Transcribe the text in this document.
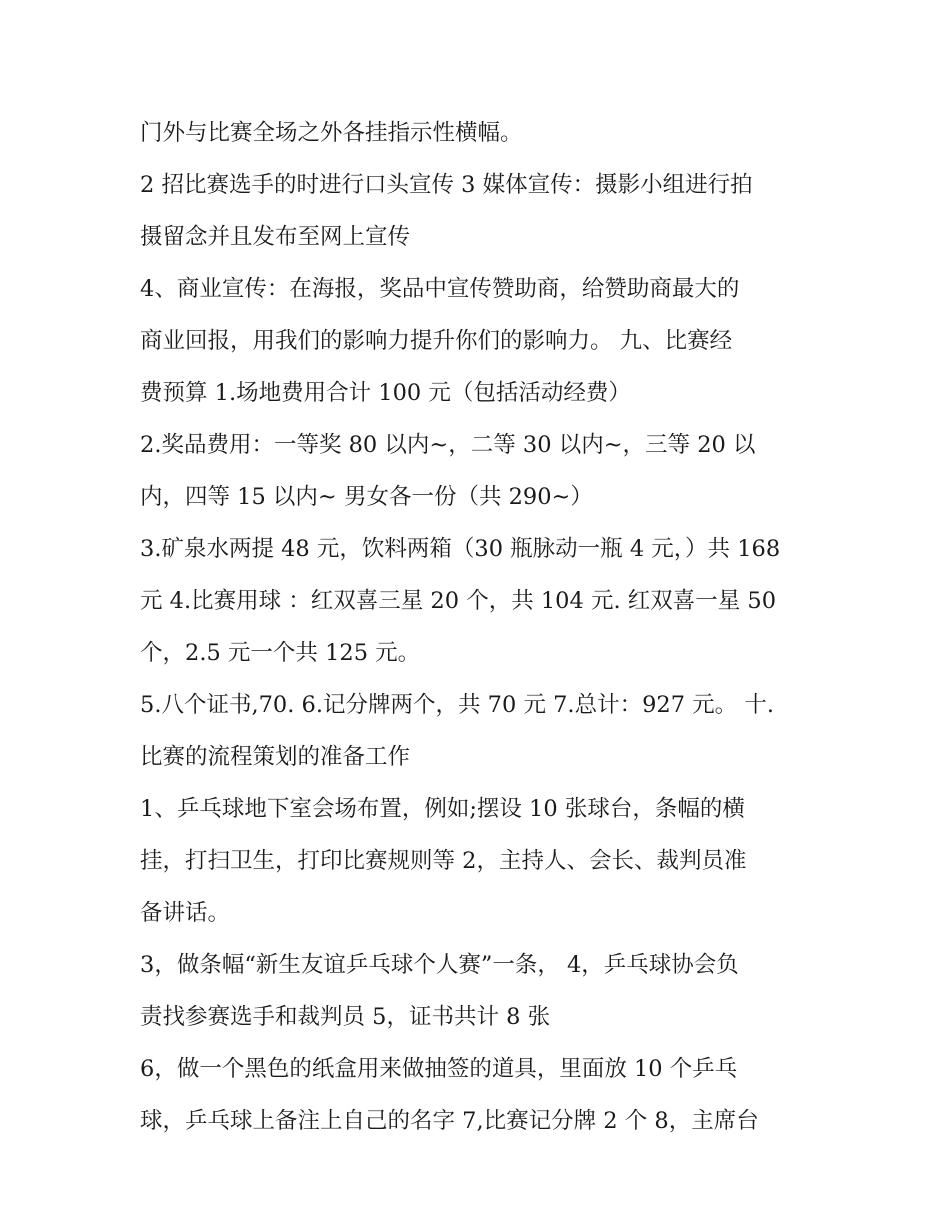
门外与比赛全场之外各挂指示性横幅。
2 招比赛选手的时进行口头宣传 3 媒体宣传：摄影小组进行拍
摄留念并且发布至网上宣传
4、商业宣传：在海报，奖品中宣传赞助商，给赞助商最大的
商业回报，用我们的影响力提升你们的影响力。 九、比赛经
费预算 1.场地费用合计 100 元（包括活动经费）
2.奖品费用：一等奖 80 以内~，二等 30 以内~，三等 20 以
内，四等 15 以内~ 男女各一份（共 290~）
3.矿泉水两提 48 元，饮料两箱（30 瓶脉动一瓶 4 元，）共 168
元 4.比赛用球 ：红双喜三星 20 个，共 104 元. 红双喜一星 50
个，2.5 元一个共 125 元。
5.八个证书,70. 6.记分牌两个，共 70 元 7.总计：927 元。 十.
比赛的流程策划的准备工作
1、乒乓球地下室会场布置，例如;摆设 10 张球台，条幅的横
挂，打扫卫生，打印比赛规则等 2，主持人、会长、裁判员准
备讲话。
3，做条幅“新生友谊乒乓球个人赛”一条， 4，乒乓球协会负
责找参赛选手和裁判员 5，证书共计 8 张
6，做一个黑色的纸盒用来做抽签的道具，里面放 10 个乒乓
球，乒乓球上备注上自己的名字 7,比赛记分牌 2 个 8，主席台
